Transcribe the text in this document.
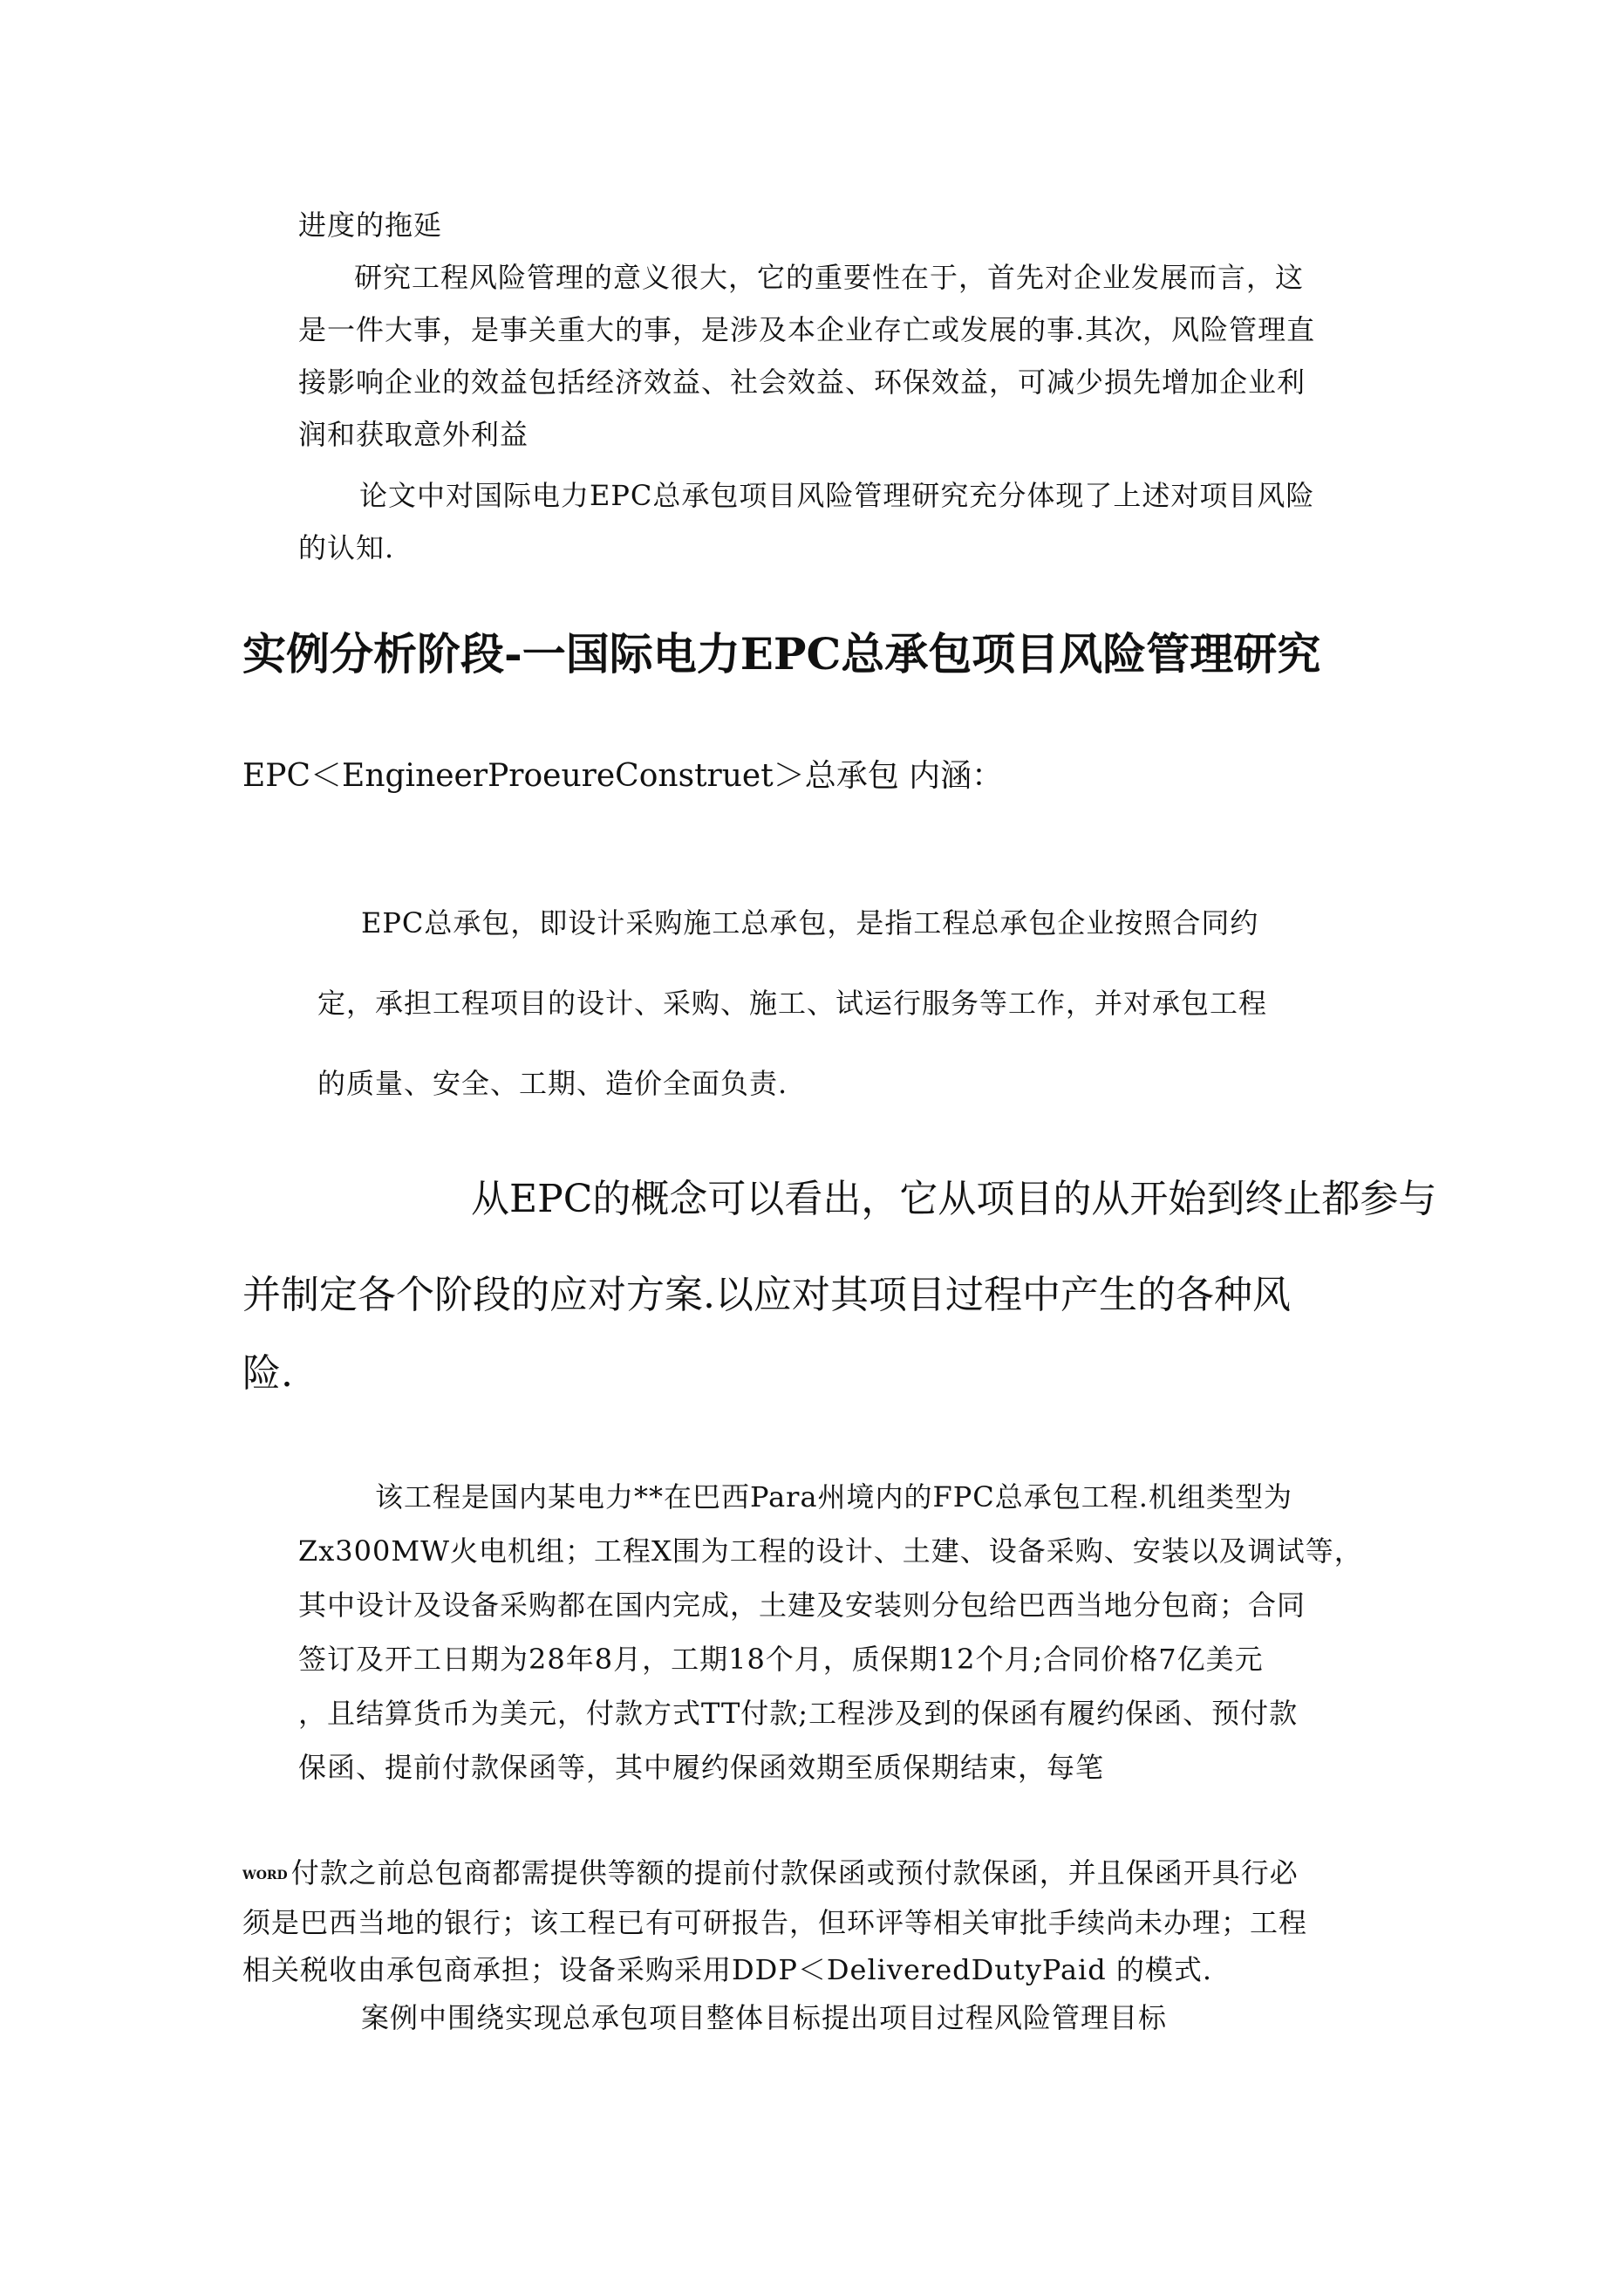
进度的拖延

研究工程风险管理的意义很大，它的重要性在于，首先对企业发展而言，这
是一件大事，是事关重大的事，是涉及本企业存亡或发展的事.其次，风险管理直
接影响企业的效益包括经济效益、社会效益、环保效益，可减少损先增加企业利
润和获取意外利益
论文中对国际电力EPC总承包项目风险管理研究充分体现了上述对项目风险
的认知.
实例分析阶段-一国际电力EPC总承包项目风险管理研究

EPC＜EngineerProeureConstruet＞总承包 内涵：

EPC总承包，即设计采购施工总承包，是指工程总承包企业按照合同约
定，承担工程项目的设计、采购、施工、试运行服务等工作，并对承包工程
的质量、安全、工期、造价全面负责.
从EPC的概念可以看出，它从项目的从开始到终止都参与
并制定各个阶段的应对方案.以应对其项目过程中产生的各种风
险.
该工程是国内某电力**在巴西Para州境内的FPC总承包工程.机组类型为
Zx300MW火电机组；工程X围为工程的设计、土建、设备采购、安装以及调试等，
其中设计及设备采购都在国内完成，土建及安装则分包给巴西当地分包商；合同
签订及开工日期为28年8月，工期18个月，质保期12个月;合同价格7亿美元
，且结算货币为美元，付款方式TT付款;工程涉及到的保函有履约保函、预付款
保函、提前付款保函等，其中履约保函效期至质保期结束，每笔
WORD 付款之前总包商都需提供等额的提前付款保函或预付款保函，并且保函开具行必
须是巴西当地的银行；该工程已有可研报告，但环评等相关审批手续尚未办理；工程
相关税收由承包商承担；设备采购采用DDP＜DeliveredDutyPaid 的模式.

案例中围绕实现总承包项目整体目标提出项目过程风险管理目标
